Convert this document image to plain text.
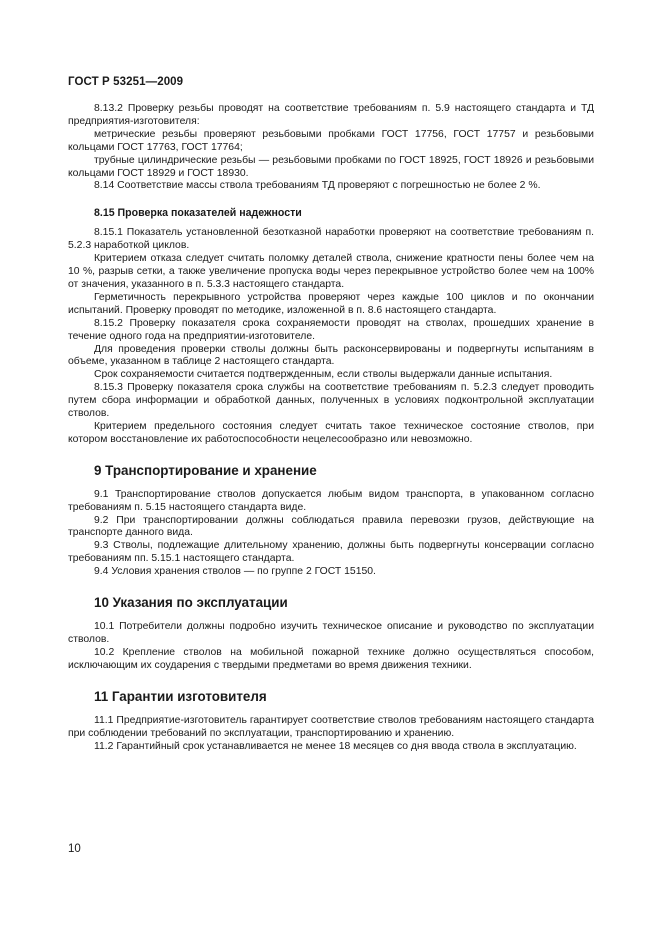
ГОСТ Р 53251—2009

8.13.2 Проверку резьбы проводят на соответствие требованиям п. 5.9 настоящего стандарта и ТД предприятия-изготовителя:

метрические резьбы проверяют резьбовыми пробками ГОСТ 17756, ГОСТ 17757 и резьбовыми кольцами ГОСТ 17763, ГОСТ 17764;

трубные цилиндрические резьбы — резьбовыми пробками по ГОСТ 18925, ГОСТ 18926 и резьбовыми кольцами ГОСТ 18929 и ГОСТ 18930.

8.14 Соответствие массы ствола требованиям ТД проверяют с погрешностью не более 2 %.

8.15 Проверка показателей надежности

8.15.1 Показатель установленной безотказной наработки проверяют на соответствие требованиям п. 5.2.3 наработкой циклов.

Критерием отказа следует считать поломку деталей ствола, снижение кратности пены более чем на 10 %, разрыв сетки, а также увеличение пропуска воды через перекрывное устройство более чем на 100% от значения, указанного в п. 5.3.3 настоящего стандарта.

Герметичность перекрывного устройства проверяют через каждые 100 циклов и по окончании испытаний. Проверку проводят по методике, изложенной в п. 8.6 настоящего стандарта.

8.15.2 Проверку показателя срока сохраняемости проводят на стволах, прошедших хранение в течение одного года на предприятии-изготовителе.

Для проведения проверки стволы должны быть расконсервированы и подвергнуты испытаниям в объеме, указанном в таблице 2 настоящего стандарта.

Срок сохраняемости считается подтвержденным, если стволы выдержали данные испытания.

8.15.3 Проверку показателя срока службы на соответствие требованиям п. 5.2.3 следует проводить путем сбора информации и обработкой данных, полученных в условиях подконтрольной эксплуатации стволов.

Критерием предельного состояния следует считать такое техническое состояние стволов, при котором восстановление их работоспособности нецелесообразно или невозможно.

9 Транспортирование и хранение

9.1 Транспортирование стволов допускается любым видом транспорта, в упакованном согласно требованиям п. 5.15 настоящего стандарта виде.

9.2 При транспортировании должны соблюдаться правила перевозки грузов, действующие на транспорте данного вида.

9.3 Стволы, подлежащие длительному хранению, должны быть подвергнуты консервации согласно требованиям пп. 5.15.1 настоящего стандарта.

9.4 Условия хранения стволов — по группе 2 ГОСТ 15150.

10 Указания по эксплуатации

10.1 Потребители должны подробно изучить техническое описание и руководство по эксплуатации стволов.

10.2 Крепление стволов на мобильной пожарной технике должно осуществляться способом, исключающим их соударения с твердыми предметами во время движения техники.

11 Гарантии изготовителя

11.1 Предприятие-изготовитель гарантирует соответствие стволов требованиям настоящего стандарта при соблюдении требований по эксплуатации, транспортированию и хранению.

11.2 Гарантийный срок устанавливается не менее 18 месяцев со дня ввода ствола в эксплуатацию.

10
